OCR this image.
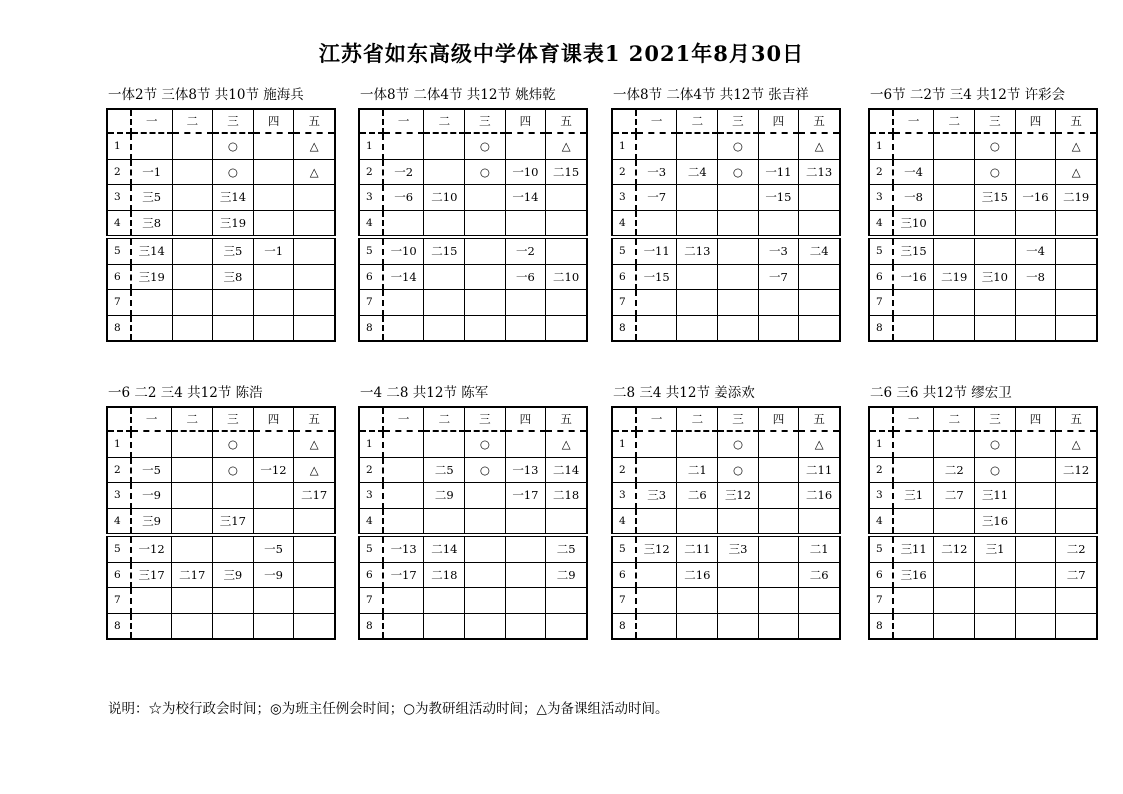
江苏省如东高级中学体育课表1 2021年8月30日
一体2节 三体8节 共10节 施海兵
	一	二	三	四	五
1			○		△
2	一1		○		△
3	三5		三14		
4	三8		三19		
5	三14		三5	一1	
6	三19		三8		
7					
8					
一体8节 二体4节 共12节 姚炜乾
	一	二	三	四	五
1			○		△
2	一2		○	一10	二15
3	一6	二10		一14	
4					
5	一10	二15		一2	
6	一14			一6	二10
7					
8					
一体8节 二体4节 共12节 张吉祥
	一	二	三	四	五
1			○		△
2	一3	二4	○	一11	二13
3	一7			一15	
4					
5	一11	二13		一3	二4
6	一15			一7	
7					
8					
一6节 二2节 三4 共12节 许彩会
	一	二	三	四	五
1			○		△
2	一4		○		△
3	一8		三15	一16	二19
4	三10				
5	三15			一4	
6	一16	二19	三10	一8	
7					
8					
一6 二2 三4 共12节 陈浩
	一	二	三	四	五
1			○		△
2	一5		○	一12	△
3	一9				二17
4	三9		三17		
5	一12			一5	
6	三17	二17	三9	一9	
7					
8					
一4 二8 共12节 陈军
	一	二	三	四	五
1			○		△
2		二5	○	一13	二14
3		二9		一17	二18
4					
5	一13	二14			二5
6	一17	二18			二9
7					
8					
二8 三4 共12节 姜添欢
	一	二	三	四	五
1			○		△
2		二1	○		二11
3	三3	二6	三12		二16
4					
5	三12	二11	三3		二1
6		二16			二6
7					
8					
二6 三6 共12节 缪宏卫
	一	二	三	四	五
1			○		△
2		二2	○		二12
3	三1	二7	三11		
4			三16		
5	三11	二12	三1		二2
6	三16				二7
7					
8					
说明：☆为校行政会时间；◎为班主任例会时间；○为教研组活动时间；△为备课组活动时间。
